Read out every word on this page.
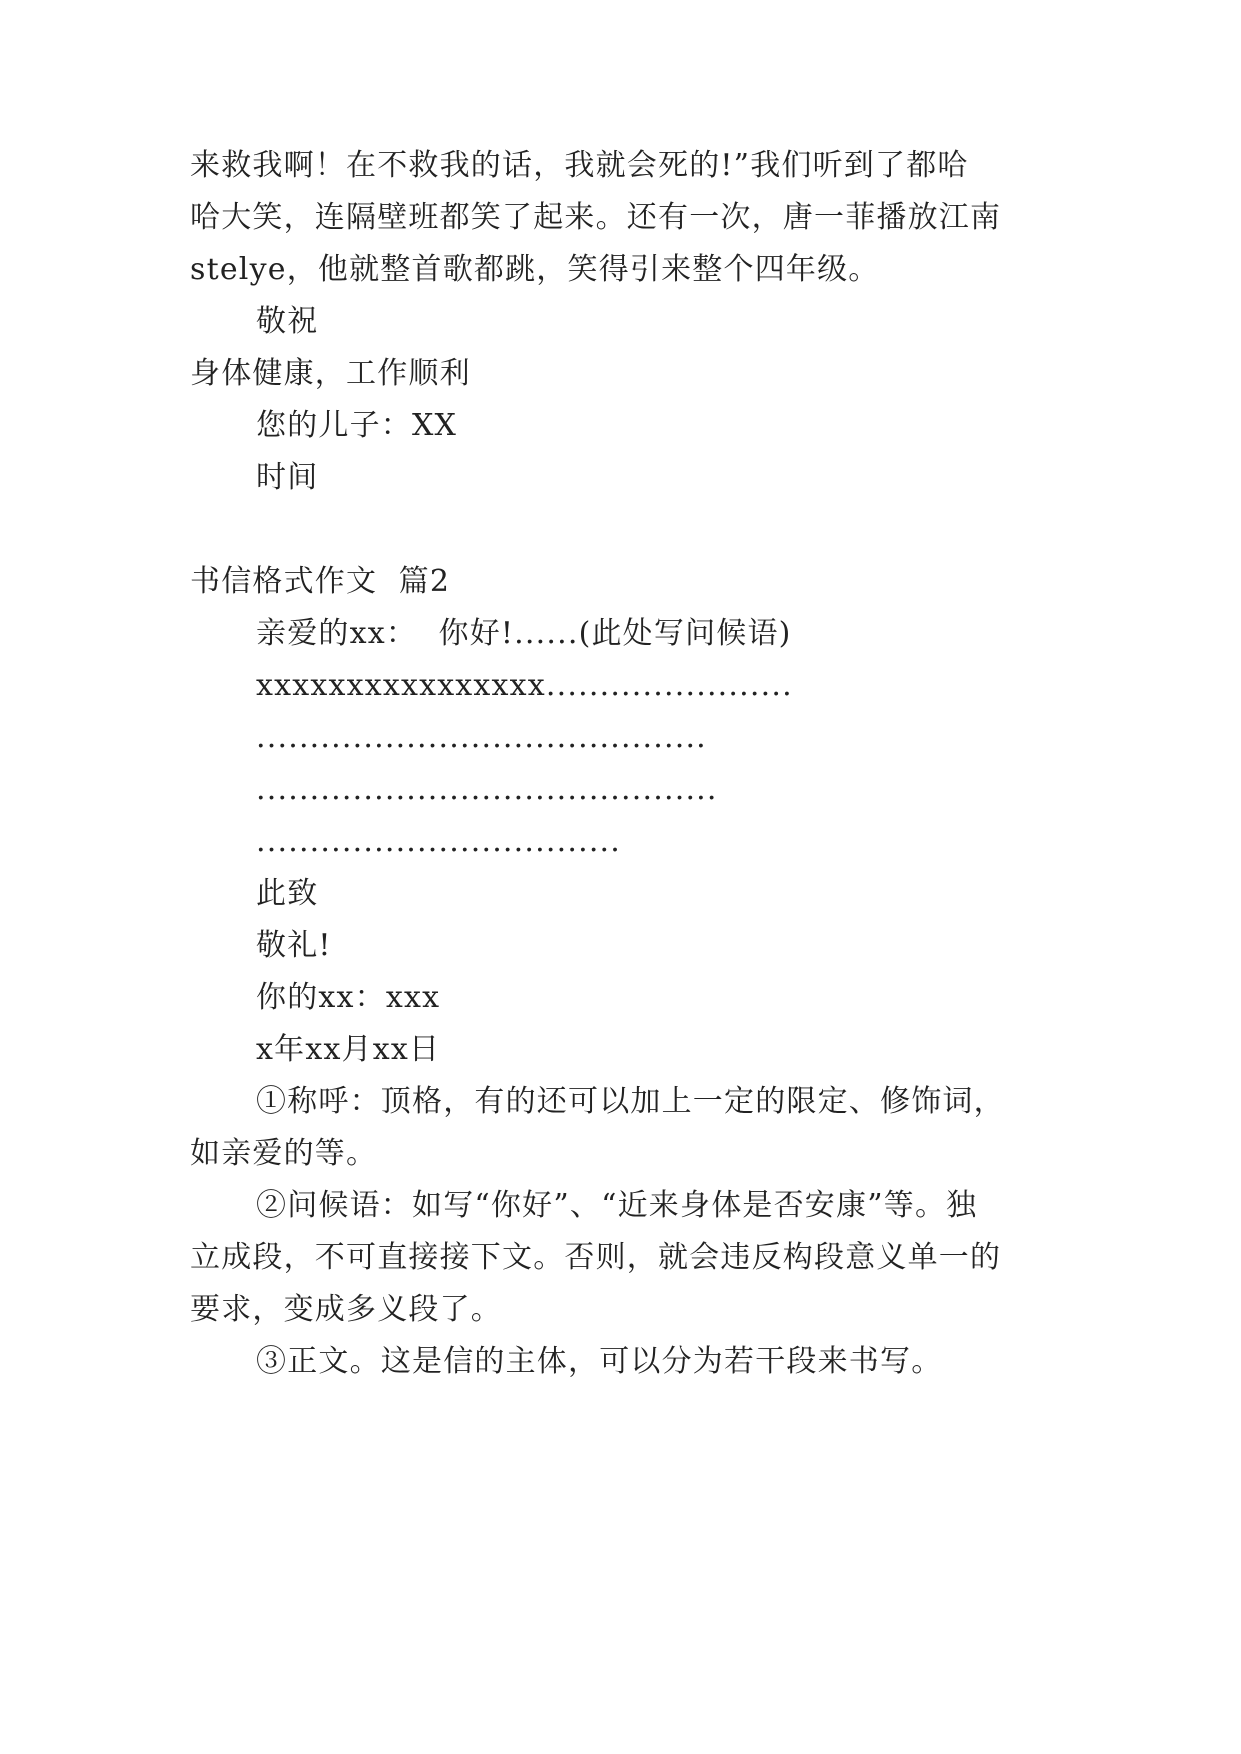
来救我啊！在不救我的话，我就会死的!”我们听到了都哈
哈大笑，连隔壁班都笑了起来。还有一次，唐一菲播放江南
stelye，他就整首歌都跳，笑得引来整个四年级。
敬祝
身体健康，工作顺利
您的儿子：XX
时间
书信格式作文  篇2
亲爱的xx：  你好!......(此处写问候语)
xxxxxxxxxxxxxxxx.......................
..........................................
...........................................
..................................
此致
敬礼!
你的xx：xxx
x年xx月xx日
①称呼：顶格，有的还可以加上一定的限定、修饰词，
如亲爱的等。
②问候语：如写“你好”、“近来身体是否安康”等。独
立成段，不可直接接下文。否则，就会违反构段意义单一的
要求，变成多义段了。
③正文。这是信的主体，可以分为若干段来书写。
